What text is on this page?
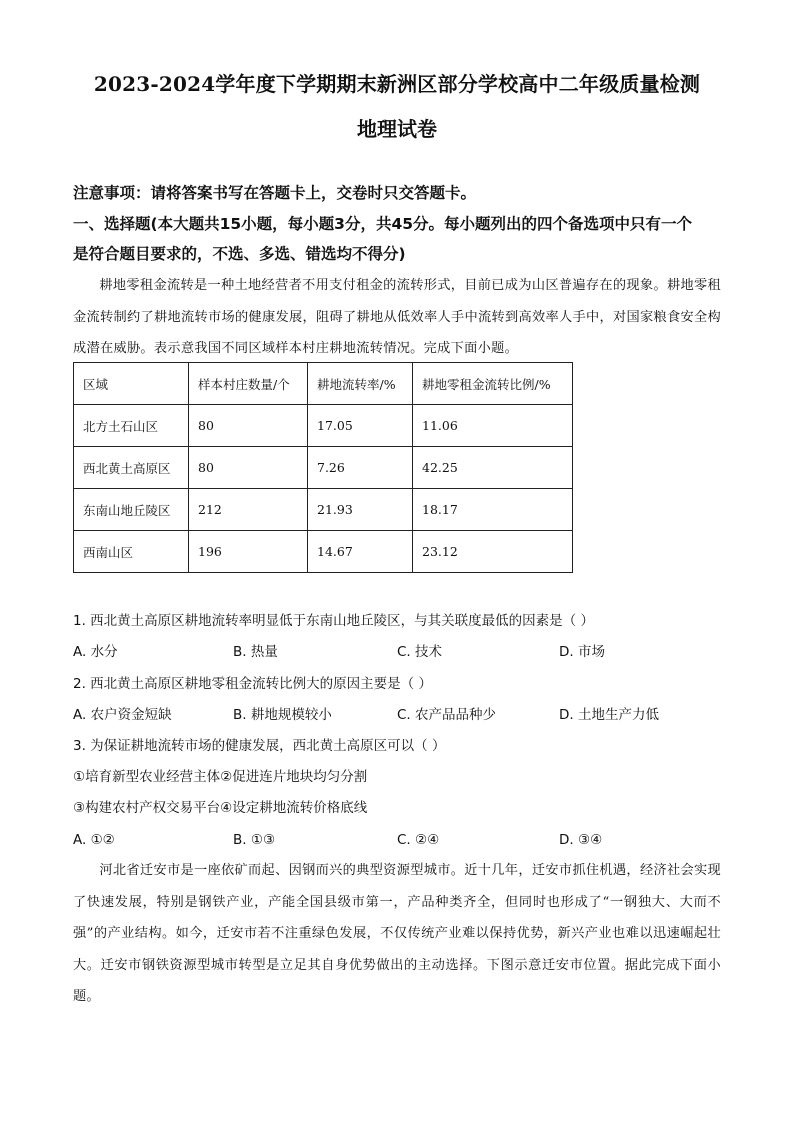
2023-2024学年度下学期期末新洲区部分学校高中二年级质量检测
地理试卷
注意事项：请将答案书写在答题卡上，交卷时只交答题卡。
一、选择题(本大题共15小题，每小题3分，共45分。每小题列出的四个备选项中只有一个
是符合题目要求的，不选、多选、错选均不得分)
耕地零租金流转是一种土地经营者不用支付租金的流转形式，目前已成为山区普遍存在的现象。耕地零租金流转制约了耕地流转市场的健康发展，阻碍了耕地从低效率人手中流转到高效率人手中，对国家粮食安全构成潜在威胁。表示意我国不同区域样本村庄耕地流转情况。完成下面小题。
区域	样本村庄数量/个	耕地流转率/%	耕地零租金流转比例/%
北方土石山区	80	17.05	11.06
西北黄土高原区	80	7.26	42.25
东南山地丘陵区	212	21.93	18.17
西南山区	196	14.67	23.12
1. 西北黄土高原区耕地流转率明显低于东南山地丘陵区，与其关联度最低的因素是（ ）
A. 水分	B. 热量	C. 技术	D. 市场
2. 西北黄土高原区耕地零租金流转比例大的原因主要是（ ）
A. 农户资金短缺	B. 耕地规模较小	C. 农产品品种少	D. 土地生产力低
3. 为保证耕地流转市场的健康发展，西北黄土高原区可以（ ）
①培育新型农业经营主体②促进连片地块均匀分割
③构建农村产权交易平台④设定耕地流转价格底线
A. ①②	B. ①③	C. ②④	D. ③④
河北省迁安市是一座依矿而起、因钢而兴的典型资源型城市。近十几年，迁安市抓住机遇，经济社会实现了快速发展，特别是钢铁产业，产能全国县级市第一，产品种类齐全，但同时也形成了“一钢独大、大而不强”的产业结构。如今，迁安市若不注重绿色发展，不仅传统产业难以保持优势，新兴产业也难以迅速崛起壮大。迁安市钢铁资源型城市转型是立足其自身优势做出的主动选择。下图示意迁安市位置。据此完成下面小题。
